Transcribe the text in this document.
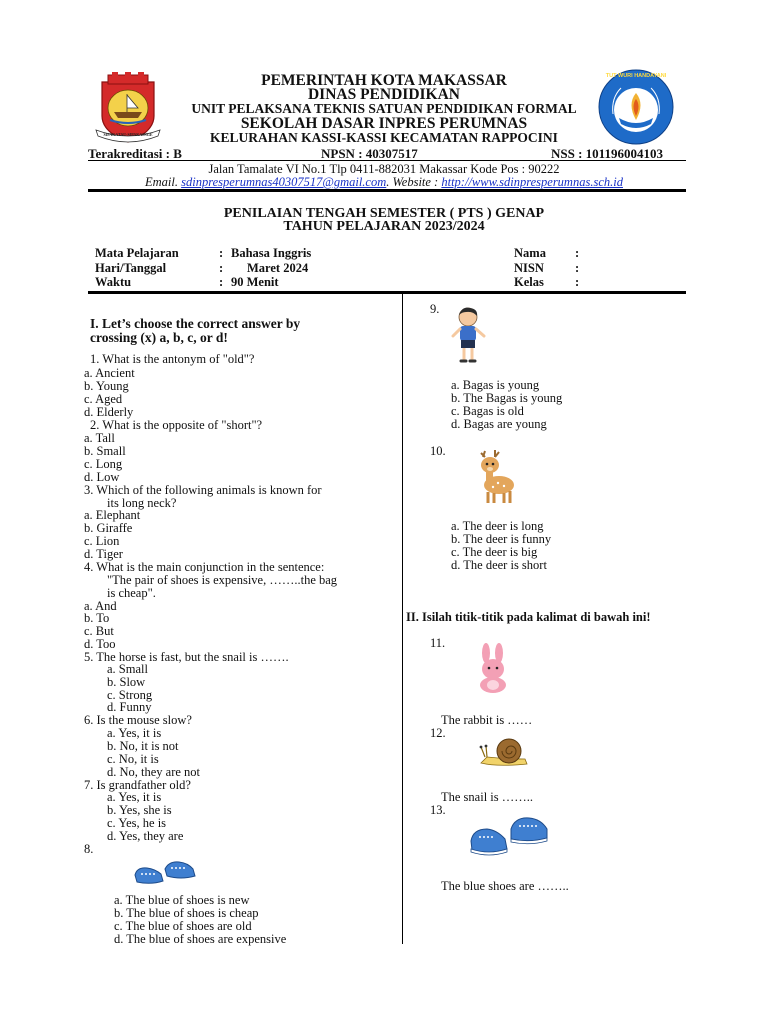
SIPAKATAU-SIPAKAINGE
TUT WURI HANDAYANI
PEMERINTAH KOTA MAKASSAR
DINAS PENDIDIKAN
UNIT PELAKSANA TEKNIS SATUAN PENDIDIKAN FORMAL
SEKOLAH DASAR INPRES PERUMNAS
KELURAHAN KASSI-KASSI KECAMATAN RAPPOCINI
Terakreditasi : B	NPSN : 40307517	NSS : 101196004103
Jalan Tamalate VI No.1 Tlp 0411-882031 Makassar Kode Pos : 90222
Email. sdinpresperumnas40307517@gmail.com. Website : http://www.sdinpresperumnas.sch.id
PENILAIAN TENGAH SEMESTER ( PTS ) GENAP
TAHUN PELAJARAN 2023/2024
Mata Pelajaran	: Bahasa Inggris
Hari/Tanggal	: Maret 2024
Waktu	: 90 Menit
Nama :
NISN :
Kelas :
I. Let’s choose the correct answer by
crossing (x) a, b, c, or d!
1. What is the antonym of "old"?
a. Ancient
b. Young
c. Aged
d. Elderly
2. What is the opposite of "short"?
a. Tall
b. Small
c. Long
d. Low
3. Which of the following animals is known for
its long neck?
a. Elephant
b. Giraffe
c. Lion
d. Tiger
4. What is the main conjunction in the sentence:
"The pair of shoes is expensive, ……..the bag
is cheap".
a. And
b. To
c. But
d. Too
5. The horse is fast, but the snail is …….
a. Small
b. Slow
c. Strong
d. Funny
6. Is the mouse slow?
a. Yes, it is
b. No, it is not
c. No, it is
d. No, they are not
7. Is grandfather old?
a. Yes, it is
b. Yes, she is
c. Yes, he is
d. Yes, they are
8.
a. The blue of shoes is new
b. The blue of shoes is cheap
c. The blue of shoes are old
d. The blue of shoes are expensive
9.
a. Bagas is young
b. The Bagas is young
c. Bagas is old
d. Bagas are young
10.
a. The deer is long
b. The deer is funny
c. The deer is big
d. The deer is short
II. Isilah titik-titik pada kalimat di bawah ini!
11.
The rabbit is ……
12.
The snail is ……..
13.
The blue shoes are ……..
